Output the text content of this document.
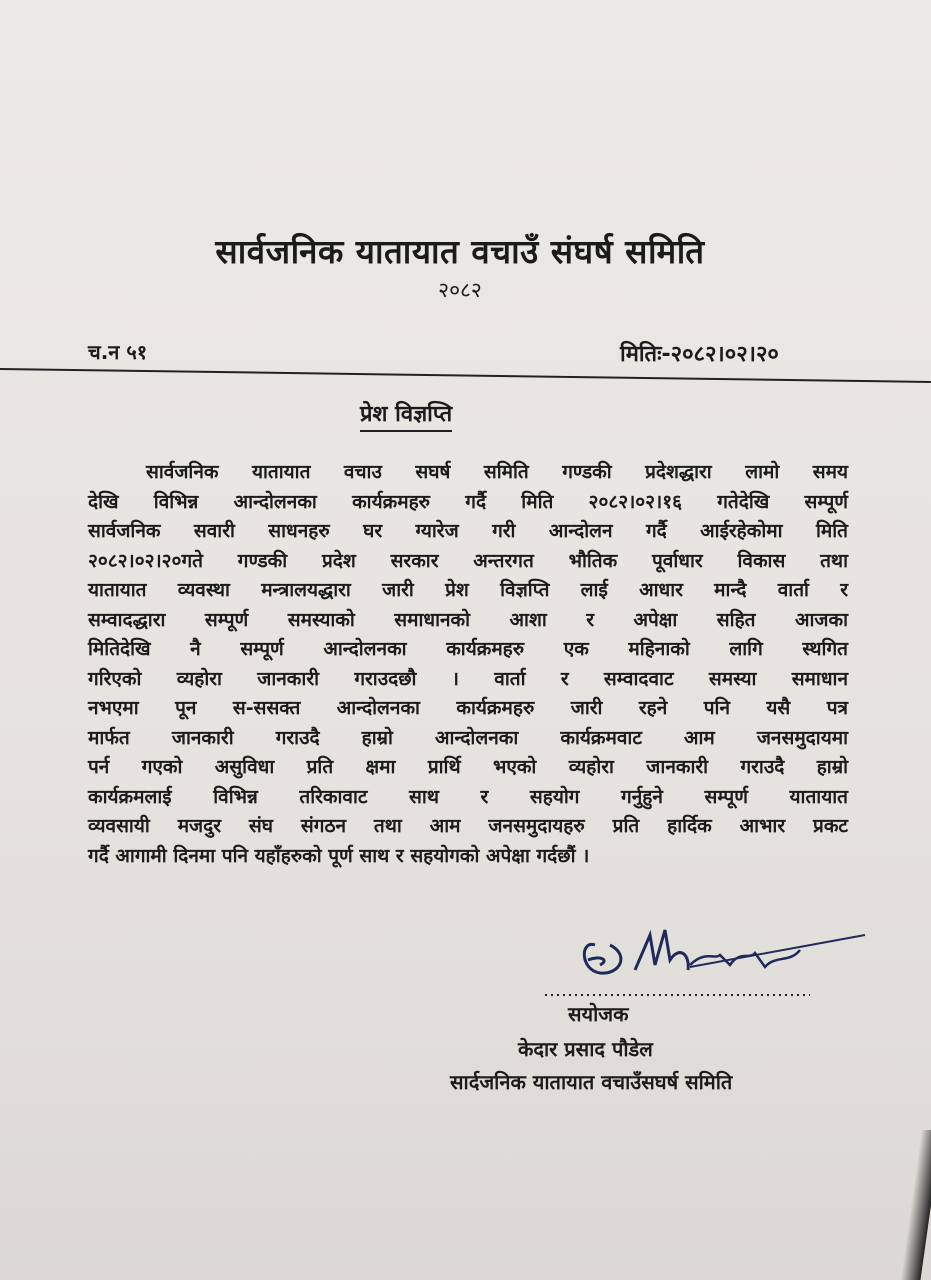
सार्वजनिक यातायात वचाउँ संघर्ष समिति
२०८२
च.न ५१	मितिः-२०८२।०२।२०
प्रेश विज्ञप्ति
सार्वजनिक यातायात वचाउ सघर्ष समिति गण्डकी प्रदेशद्धारा लामो समय
देखि विभिन्न आन्दोलनका कार्यक्रमहरु गर्दै मिति २०८२।०२।१६ गतेदेखि सम्पूर्ण
सार्वजनिक सवारी साधनहरु घर ग्यारेज गरी आन्दोलन गर्दै आईरहेकोमा मिति
२०८२।०२।२०गते गण्डकी प्रदेश सरकार अन्तरगत भौतिक पूर्वाधार विकास तथा
यातायात व्यवस्था मन्त्रालयद्धारा जारी प्रेश विज्ञप्ति लाई आधार मान्दै वार्ता र
सम्वादद्धारा सम्पूर्ण समस्याको समाधानको आशा र अपेक्षा सहित आजका
मितिदेखि नै सम्पूर्ण आन्दोलनका कार्यक्रमहरु एक महिनाको लागि स्थगित
गरिएको व्यहोरा जानकारी गराउदछौ । वार्ता र सम्वादवाट समस्या समाधान
नभएमा पून स-ससक्त आन्दोलनका कार्यक्रमहरु जारी रहने पनि यसै पत्र
मार्फत जानकारी गराउदै हाम्रो आन्दोलनका कार्यक्रमवाट आम जनसमुदायमा
पर्न गएको असुविधा प्रति क्षमा प्रार्थि भएको व्यहोरा जानकारी गराउदै हाम्रो
कार्यक्रमलाई विभिन्न तरिकावाट साथ र सहयोग गर्नुहुने सम्पूर्ण यातायात
व्यवसायी मजदुर संघ संगठन तथा आम जनसमुदायहरु प्रति हार्दिक आभार प्रकट
गर्दै आगामी दिनमा पनि यहाँहरुको पूर्ण साथ र सहयोगको अपेक्षा गर्दछौं ।
सयोजक
केदार प्रसाद पौडेल
सार्दजनिक यातायात वचाउँसघर्ष समिति
